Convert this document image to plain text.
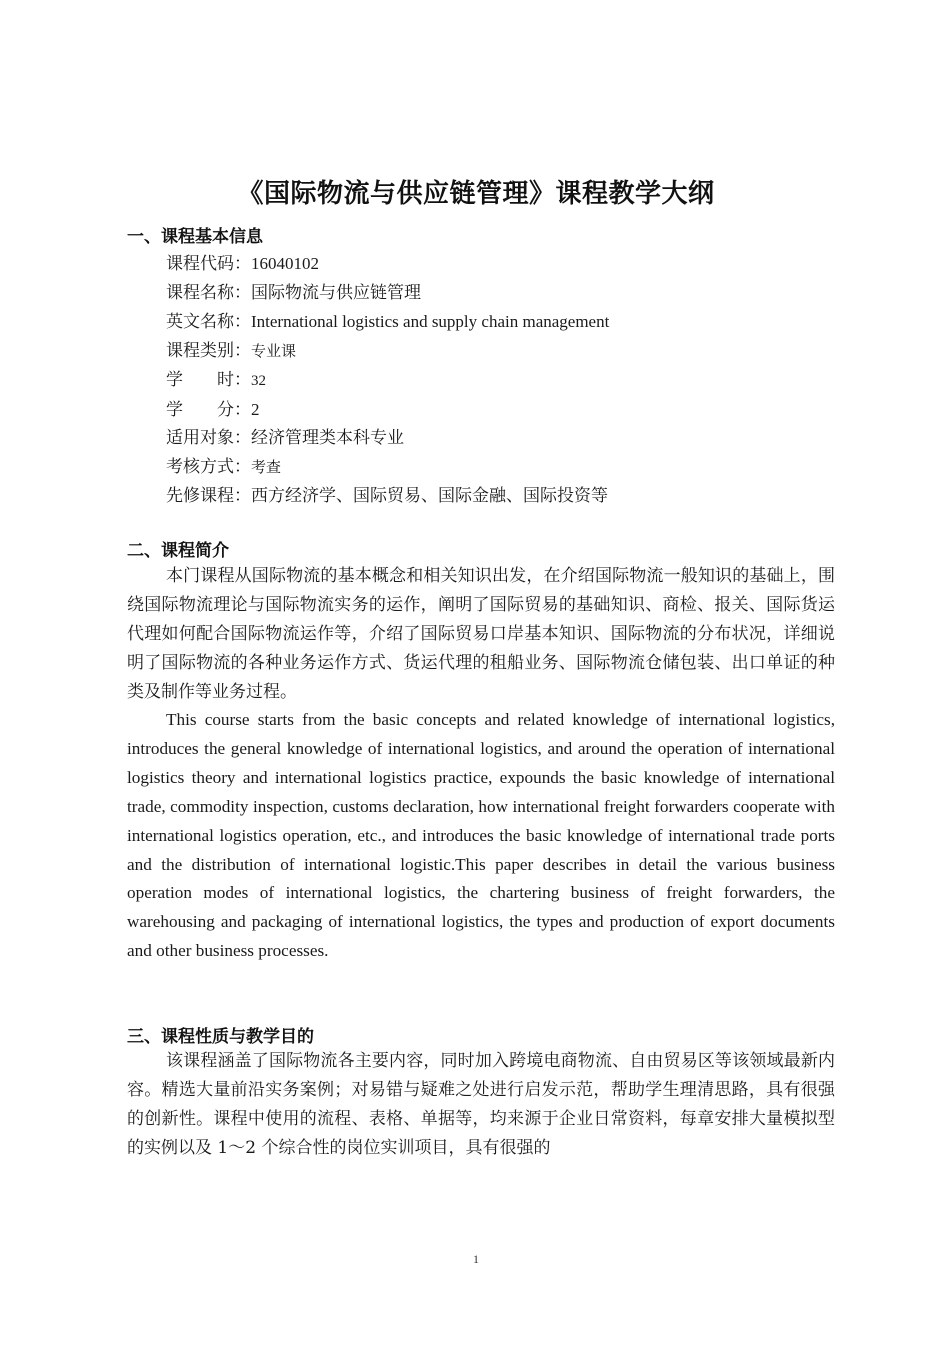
《国际物流与供应链管理》课程教学大纲
一、课程基本信息
课程代码：16040102
课程名称：国际物流与供应链管理
英文名称：International logistics and supply chain management
课程类别：专业课
学　　时：32
学　　分：2
适用对象：经济管理类本科专业
考核方式：考查
先修课程：西方经济学、国际贸易、国际金融、国际投资等
二、课程简介

本门课程从国际物流的基本概念和相关知识出发，在介绍国际物流一般知识的基础上，围绕国际物流理论与国际物流实务的运作，阐明了国际贸易的基础知识、商检、报关、国际货运代理如何配合国际物流运作等，介绍了国际贸易口岸基本知识、国际物流的分布状况，详细说明了国际物流的各种业务运作方式、货运代理的租船业务、国际物流仓储包装、出口单证的种类及制作等业务过程。

This course starts from the basic concepts and related knowledge of international logistics, introduces the general knowledge of international logistics, and around the operation of international logistics theory and international logistics practice, expounds the basic knowledge of international trade, commodity inspection, customs declaration, how international freight forwarders cooperate with international logistics operation, etc., and introduces the basic knowledge of international trade ports and the distribution of international logistic.This paper describes in detail the various business operation modes of international logistics, the chartering business of freight forwarders, the warehousing and packaging of international logistics, the types and production of export documents and other business processes.

三、课程性质与教学目的

该课程涵盖了国际物流各主要内容，同时加入跨境电商物流、自由贸易区等该领域最新内容。精选大量前沿实务案例；对易错与疑难之处进行启发示范，帮助学生理清思路，具有很强的创新性。课程中使用的流程、表格、单据等，均来源于企业日常资料，每章安排大量模拟型的实例以及 1～2 个综合性的岗位实训项目，具有很强的

1
